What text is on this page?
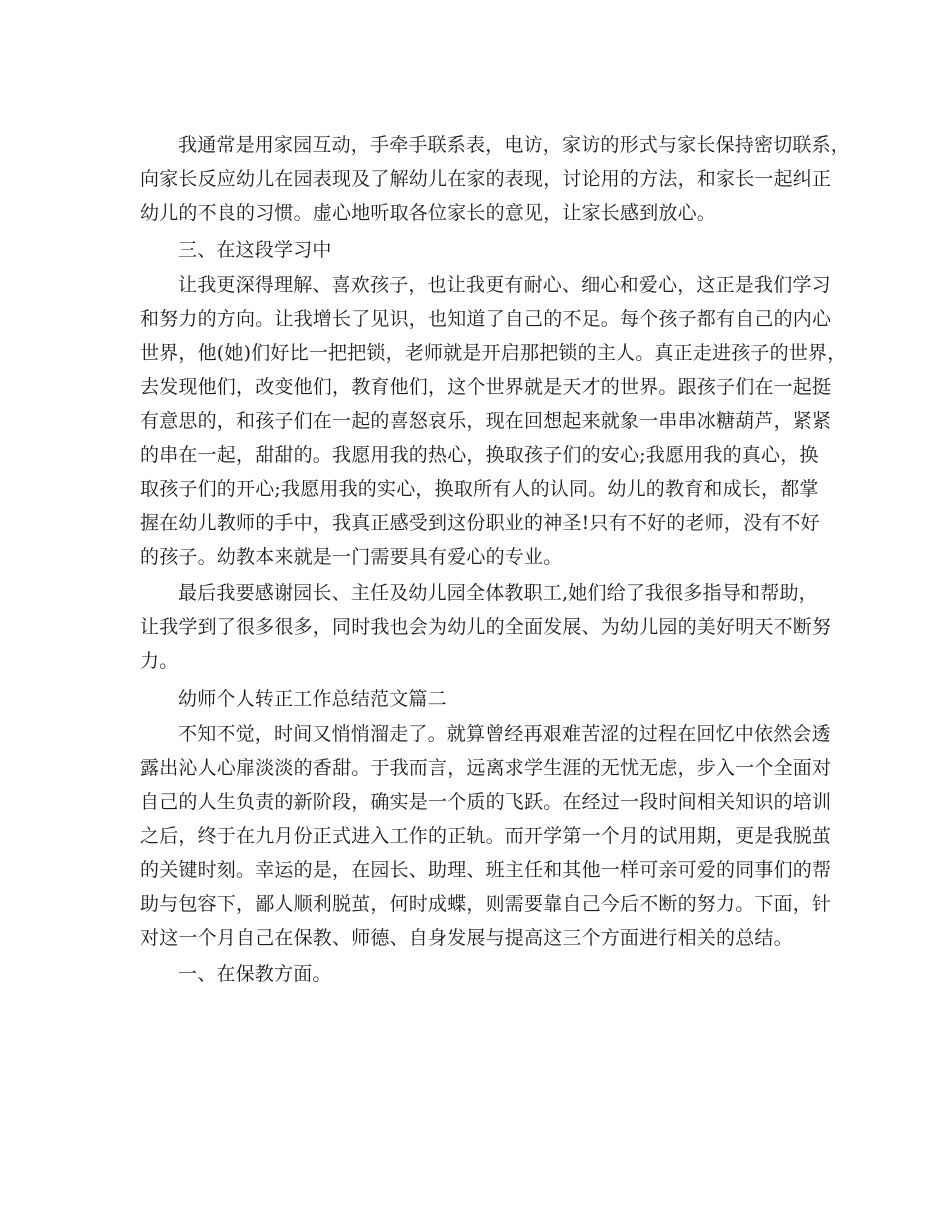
我通常是用家园互动，手牵手联系表，电访，家访的形式与家长保持密切联系，
向家长反应幼儿在园表现及了解幼儿在家的表现，讨论用的方法，和家长一起纠正
幼儿的不良的习惯。虚心地听取各位家长的意见，让家长感到放心。
三、在这段学习中
让我更深得理解、喜欢孩子，也让我更有耐心、细心和爱心，这正是我们学习
和努力的方向。让我增长了见识，也知道了自己的不足。每个孩子都有自己的内心
世界，他(她)们好比一把把锁，老师就是开启那把锁的主人。真正走进孩子的世界，
去发现他们，改变他们，教育他们，这个世界就是天才的世界。跟孩子们在一起挺
有意思的，和孩子们在一起的喜怒哀乐，现在回想起来就象一串串冰糖葫芦，紧紧
的串在一起，甜甜的。我愿用我的热心，换取孩子们的安心;我愿用我的真心，换
取孩子们的开心;我愿用我的实心，换取所有人的认同。幼儿的教育和成长，都掌
握在幼儿教师的手中，我真正感受到这份职业的神圣!只有不好的老师，没有不好
的孩子。幼教本来就是一门需要具有爱心的专业。
最后我要感谢园长、主任及幼儿园全体教职工,她们给了我很多指导和帮助，
让我学到了很多很多，同时我也会为幼儿的全面发展、为幼儿园的美好明天不断努
力。
幼师个人转正工作总结范文篇二
不知不觉，时间又悄悄溜走了。就算曾经再艰难苦涩的过程在回忆中依然会透
露出沁人心扉淡淡的香甜。于我而言，远离求学生涯的无忧无虑，步入一个全面对
自己的人生负责的新阶段，确实是一个质的飞跃。在经过一段时间相关知识的培训
之后，终于在九月份正式进入工作的正轨。而开学第一个月的试用期，更是我脱茧
的关键时刻。幸运的是，在园长、助理、班主任和其他一样可亲可爱的同事们的帮
助与包容下，鄙人顺利脱茧，何时成蝶，则需要靠自己今后不断的努力。下面，针
对这一个月自己在保教、师德、自身发展与提高这三个方面进行相关的总结。
一、在保教方面。
